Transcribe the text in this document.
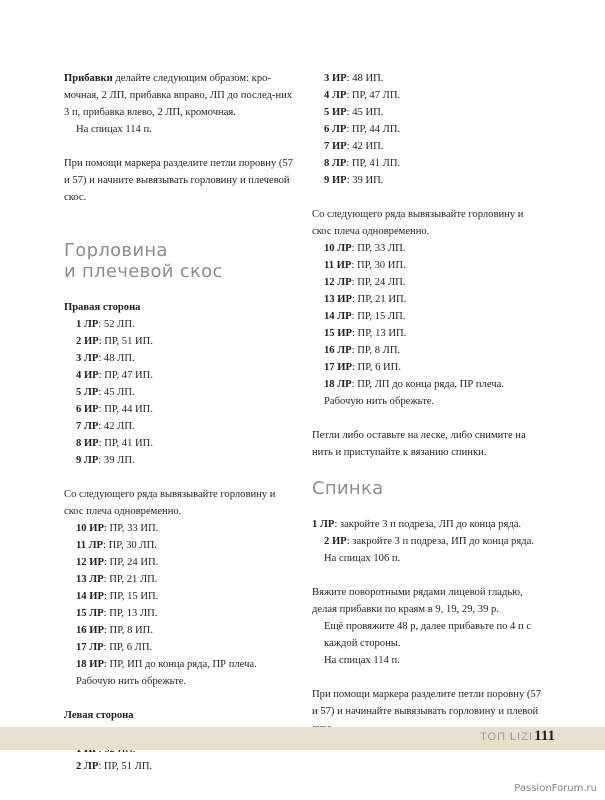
Прибавки делайте следующим образом: кро-мочная, 2 ЛП, прибавка вправо, ЛП до послед-них 3 п, прибавка влево, 2 ЛП, кромочная.

На спицах 114 п.

При помощи маркера разделите петли поровну (57 и 57) и начните вывязывать горловину и плечевой скос.

Горловина
и плечевой скос

Правая сторона

1 ЛР: 52 ЛП.

2 ИР: ПР, 51 ИП.

3 ЛР: 48 ЛП.

4 ИР: ПР, 47 ИП.

5 ЛР: 45 ЛП.

6 ИР: ПР, 44 ИП.

7 ЛР: 42 ЛП.

8 ИР: ПР, 41 ИП.

9 ЛР: 39 ЛП.

Со следующего ряда вывязывайте горловину и скос плеча одновременно.

10 ИР: ПР, 33 ИП.

11 ЛР: ПР, 30 ЛП.

12 ИР: ПР, 24 ИП.

13 ЛР: ПР, 21 ЛП.

14 ИР: ПР, 15 ИП.

15 ЛР: ПР, 13 ЛП.

16 ИР: ПР, 8 ИП.

17 ЛР: ПР, 6 ЛП.

18 ИР: ПР, ИП до конца ряда, ПР плеча.

Рабочую нить обрежьте.

Левая сторона

2 ЛР: ПР, 51 ЛП.

3 ИР: 48 ИП.

4 ЛР: ПР, 47 ЛП.

5 ИР: 45 ИП.

6 ЛР: ПР, 44 ЛП.

7 ИР: 42 ИП.

8 ЛР: ПР, 41 ЛП.

9 ИР: 39 ИП.

Со следующего ряда вывязывайте горловину и скос плеча одновременно.

10 ЛР: ПР, 33 ЛП.

11 ИР: ПР, 30 ИП.

12 ЛР: ПР, 24 ЛП.

13 ИР: ПР, 21 ИП.

14 ЛР: ПР, 15 ЛП.

15 ИР: ПР, 13 ИП.

16 ЛР: ПР, 8 ЛП.

17 ИР: ПР, 6 ИП.

18 ЛР: ПР, ЛП до конца ряда, ПР плеча.

Рабочую нить обрежьте.

Петли либо оставьте на леске, либо снимите на нить и приступайте к вязанию спинки.

Спинка

1 ЛР: закройте 3 п подреза, ЛП до конца ряда.

2 ИР: закройте 3 п подреза, ИП до конца ряда.

На спицах 106 п.

Вяжите поворотными рядами лицевой гладью, делая прибавки по краям в 9, 19, 29, 39 р.

Ещё провяжите 48 р, далее прибавьте по 4 п с каждой стороны.

На спицах 114 п.

При помощи маркера разделите петли поровну (57 и 57) и начинайте вывязывать горловину и плевой

ТОП LIZI 111
PassionForum.ru
